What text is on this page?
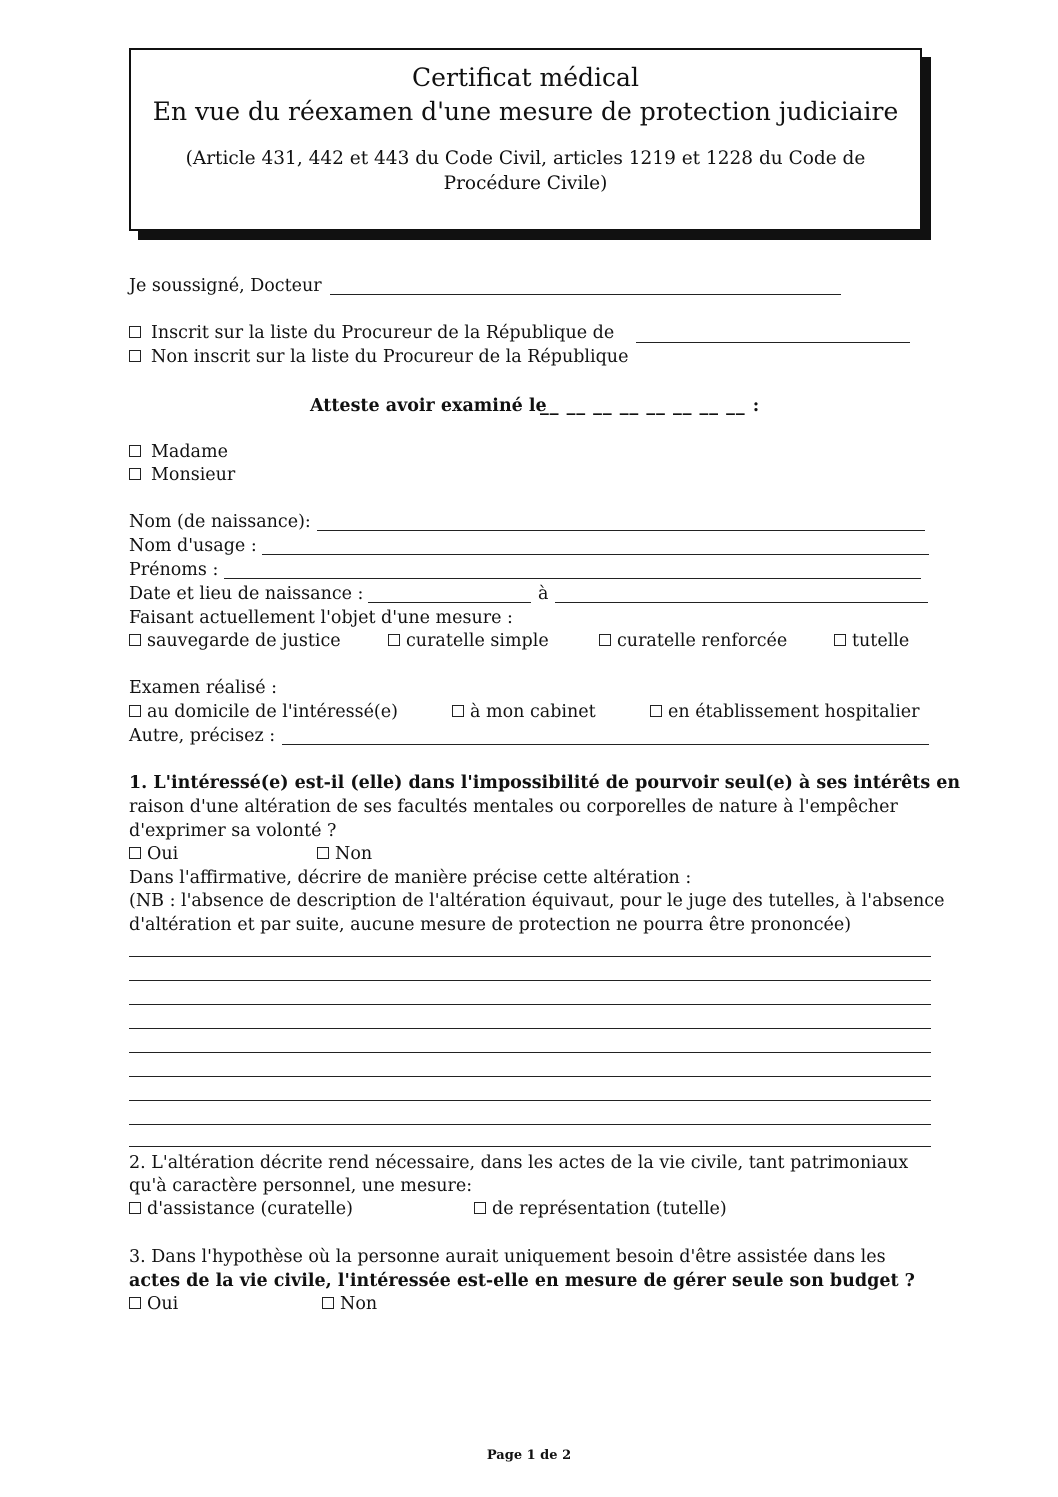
Certificat médical
En vue du réexamen d'une mesure de protection judiciaire
(Article 431, 442 et 443 du Code Civil, articles 1219 et 1228 du Code de
Procédure Civile)
Je soussigné, Docteur
Inscrit sur la liste du Procureur de la République de
Non inscrit sur la liste du Procureur de la République
Atteste avoir examiné le
__ __ __ __ __ __ __ __ :
Madame
Monsieur
Nom (de naissance):
Nom d'usage :
Prénoms :
Date et lieu de naissance :	à
Faisant actuellement l'objet d'une mesure :
sauvegarde de justice	curatelle simple	curatelle renforcée	tutelle
Examen réalisé :
au domicile de l'intéressé(e)	à mon cabinet	en établissement hospitalier
Autre, précisez :
1. L'intéressé(e) est-il (elle) dans l'impossibilité de pourvoir seul(e) à ses intérêts en
raison d'une altération de ses facultés mentales ou corporelles de nature à l'empêcher
d'exprimer sa volonté ?
Oui	Non
Dans l'affirmative, décrire de manière précise cette altération :
(NB : l'absence de description de l'altération équivaut, pour le juge des tutelles, à l'absence
d'altération et par suite, aucune mesure de protection ne pourra être prononcée)
2. L'altération décrite rend nécessaire, dans les actes de la vie civile, tant patrimoniaux
qu'à caractère personnel, une mesure:
d'assistance (curatelle)	de représentation (tutelle)
3. Dans l'hypothèse où la personne aurait uniquement besoin d'être assistée dans les
actes de la vie civile, l'intéressée est-elle en mesure de gérer seule son budget ?
Oui	Non
Page 1 de 2
